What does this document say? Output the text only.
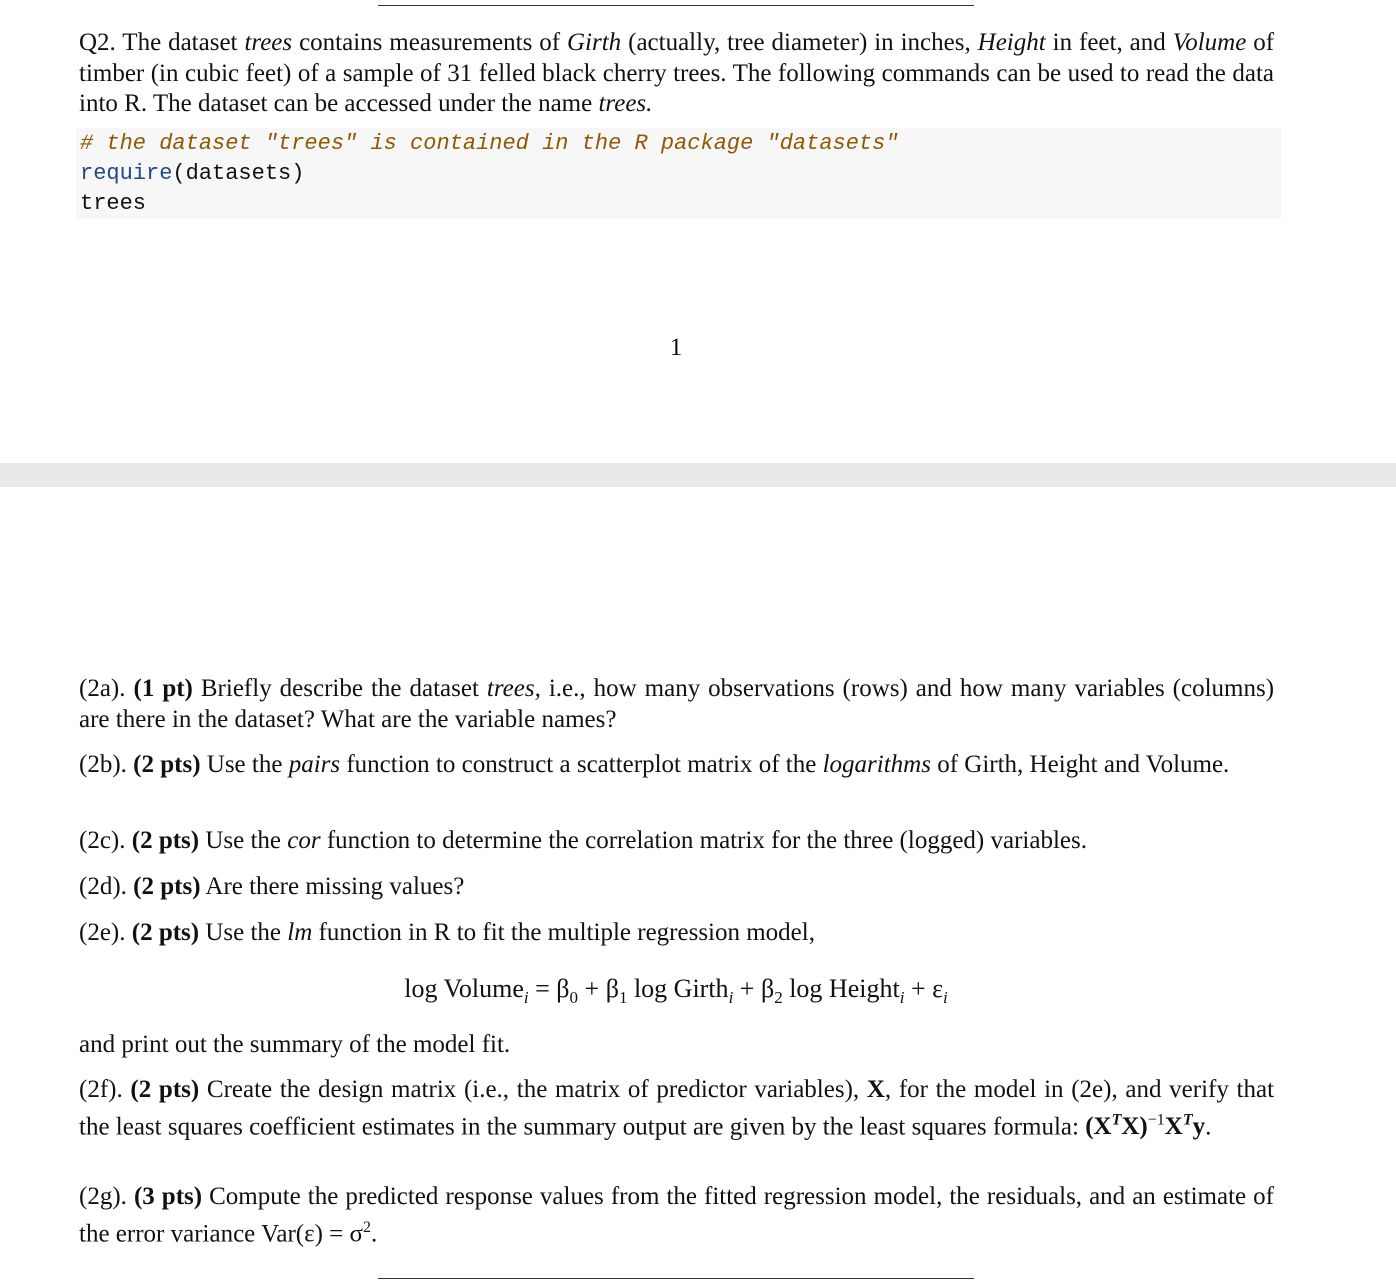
Q2. The dataset trees contains measurements of Girth (actually, tree diameter) in inches, Height in feet, and Volume of timber (in cubic feet) of a sample of 31 felled black cherry trees. The following commands can be used to read the data into R. The dataset can be accessed under the name trees.

# the dataset "trees" is contained in the R package "datasets"
require(datasets)
trees
1

(2a). (1 pt) Briefly describe the dataset trees, i.e., how many observations (rows) and how many variables (columns) are there in the dataset? What are the variable names?

(2b). (2 pts) Use the pairs function to construct a scatterplot matrix of the logarithms of Girth, Height and Volume.

(2c). (2 pts) Use the cor function to determine the correlation matrix for the three (logged) variables.

(2d). (2 pts) Are there missing values?

(2e). (2 pts) Use the lm function in R to fit the multiple regression model,

log Volume$_i$ = $\beta_0 + \beta_1$ log Girth$_i$ + $\beta_2$ log Height$_i$ + $\varepsilon_i$

and print out the summary of the model fit.

(2f). (2 pts) Create the design matrix (i.e., the matrix of predictor variables), X, for the model in (2e), and verify that the least squares coefficient estimates in the summary output are given by the least squares formula: $(X^TX)^{-1}X^Ty$.

(2g). (3 pts) Compute the predicted response values from the fitted regression model, the residuals, and an estimate of the error variance $Var(\varepsilon) = \sigma^2$.
